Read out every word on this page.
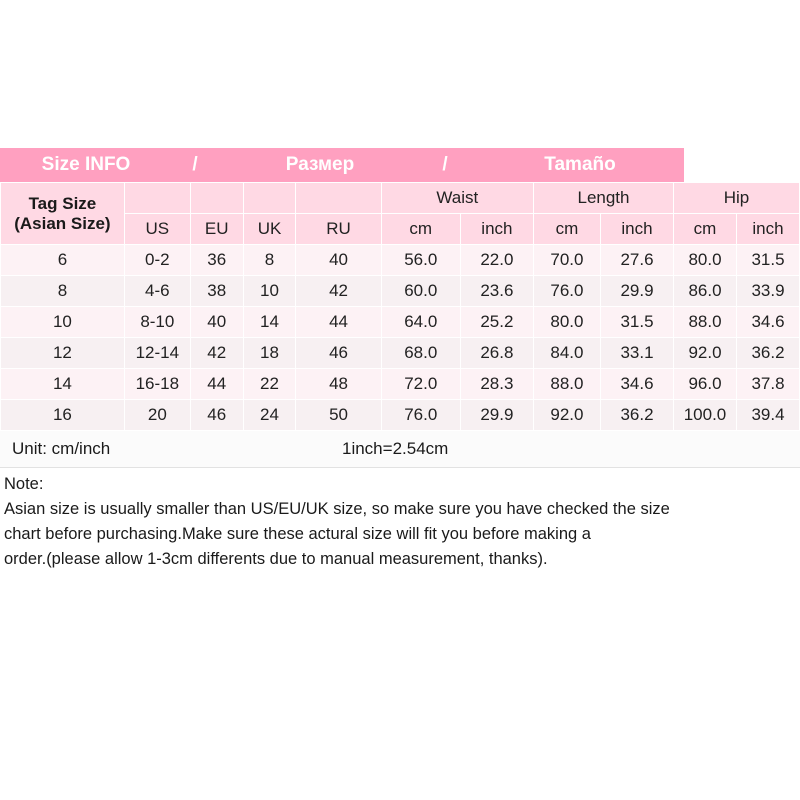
Size INFO	/	Размер	/	Tamaño
Tag Size
(Asian Size)					Waist		Length		Hip	
	US	EU	UK	RU	cm	inch	cm	inch	cm	inch
6	0-2	36	8	40	56.0	22.0	70.0	27.6	80.0	31.5
8	4-6	38	10	42	60.0	23.6	76.0	29.9	86.0	33.9
10	8-10	40	14	44	64.0	25.2	80.0	31.5	88.0	34.6
12	12-14	42	18	46	68.0	26.8	84.0	33.1	92.0	36.2
14	16-18	44	22	48	72.0	28.3	88.0	34.6	96.0	37.8
16	20	46	24	50	76.0	29.9	92.0	36.2	100.0	39.4
Unit: cm/inch	1inch=2.54cm
Note:
Asian size is usually smaller than US/EU/UK size, so make sure you have checked the size
chart before purchasing.Make sure these actural size will fit you before making a
order.(please allow 1-3cm differents due to manual measurement, thanks).
